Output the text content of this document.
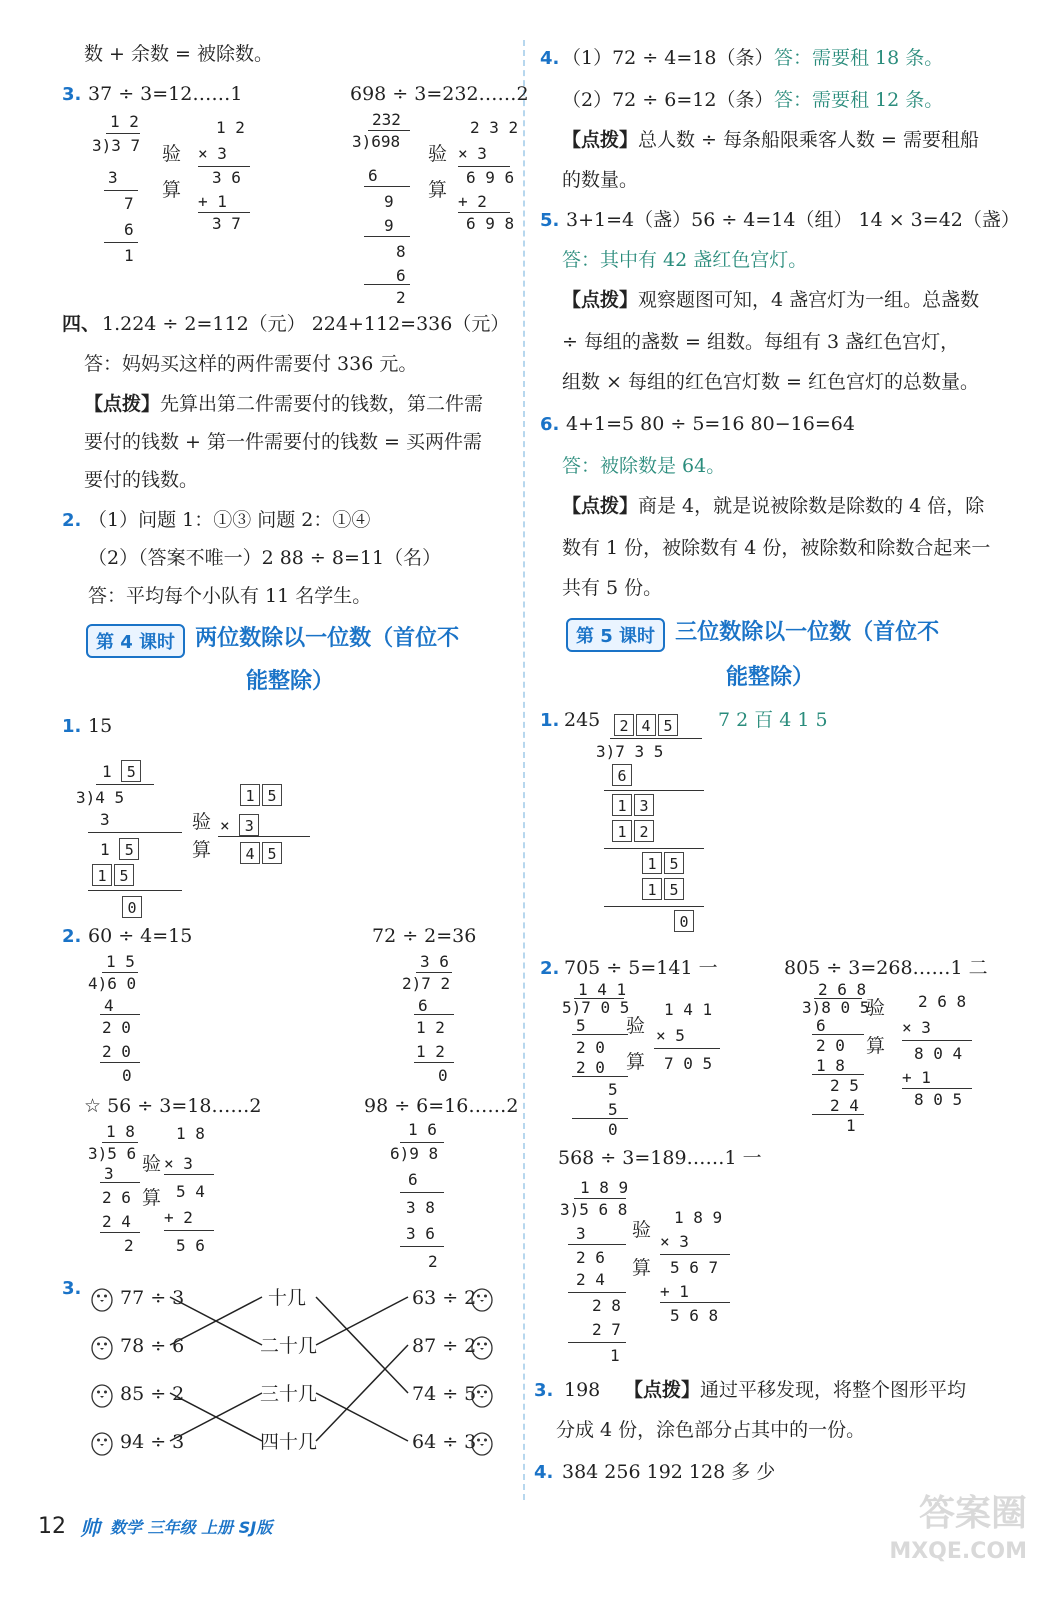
数 + 余数 = 被除数。
3. 37 ÷ 3=12……1	698 ÷ 3=232……2
1 2
3)3 7
3
7
6
1
验
算
1 2
× 3
3 6
+ 1
3 7
232
3)698
6
9
9
8
6
2
验
算
2 3 2
× 3
6 9 6
+ 2
6 9 8
四、 1.224 ÷ 2=112（元） 224+112=336（元）
答：妈妈买这样的两件需要付 336 元。
【点拨】先算出第二件需要付的钱数，第二件需
要付的钱数 + 第一件需要付的钱数 = 买两件需
要付的钱数。
2. （1）问题 1：①③ 问题 2：①④
（2）（答案不唯一）2 88 ÷ 8=11（名）
答：平均每个小队有 11 名学生。
第 4 课时 两位数除以一位数（首位不
能整除）
1. 15
1 5
3)4 5
3
1 5
1 5
0
验
算
1 5
× 3
4 5
2. 60 ÷ 4=15	72 ÷ 2=36
1 5
4)6 0
4
2 0
2 0
0
3 6
2)7 2
6
1 2
1 2
0
☆ 56 ÷ 3=18……2	98 ÷ 6=16……2
1 8
3)5 6
3
2 6
2 4
2
验
算
1 8
× 3
5 4
+ 2
5 6
1 6
6)9 8
6
3 8
3 6
2
3. 77 ÷ 3
78 ÷ 6
85 ÷ 2
94 ÷ 3
十几
二十几
三十几
四十几
63 ÷ 2
87 ÷ 2
74 ÷ 5
64 ÷ 3
4. （1）72 ÷ 4=18（条） 答：需要租 18 条。
（2）72 ÷ 6=12（条） 答：需要租 12 条。
【点拨】总人数 ÷ 每条船限乘客人数 = 需要租船
的数量。
5. 3+1=4（盏）56 ÷ 4=14（组） 14 × 3=42（盏）
答：其中有 42 盏红色宫灯。
【点拨】观察题图可知，4 盏宫灯为一组。总盏数
÷ 每组的盏数 = 组数。每组有 3 盏红色宫灯，
组数 × 每组的红色宫灯数 = 红色宫灯的总数量。
6. 4+1=5 80 ÷ 5=16 80−16=64
答：被除数是 64。
【点拨】商是 4，就是说被除数是除数的 4 倍，除
数有 1 份，被除数有 4 份，被除数和除数合起来一
共有 5 份。
第 5 课时 三位数除以一位数（首位不
能整除）
1. 245	7 2 百 4 1 5
2 4 5
3)7 3 5
6
1 3
1 2
1 5
1 5
0
2. 705 ÷ 5=141 一	805 ÷ 3=268……1 二
1 4 1
5)7 0 5
5
2 0
2 0
5
5
0
验
算
1 4 1
× 5
7 0 5
2 6 8
3)8 0 5
6
2 0
1 8
2 5
2 4
1
验
算
2 6 8
× 3
8 0 4
+ 1
8 0 5
568 ÷ 3=189……1 一
1 8 9
3)5 6 8
3
2 6
2 4
2 8
2 7
1
验
算
1 8 9
× 3
5 6 7
+ 1
5 6 8
3. 198 【点拨】通过平移发现，将整个图形平均
分成 4 份，涂色部分占其中的一份。
4. 384 256 192 128 多 少
12 帅 数学 三年级 上册 SJ版	答案圈
MXQE.COM
